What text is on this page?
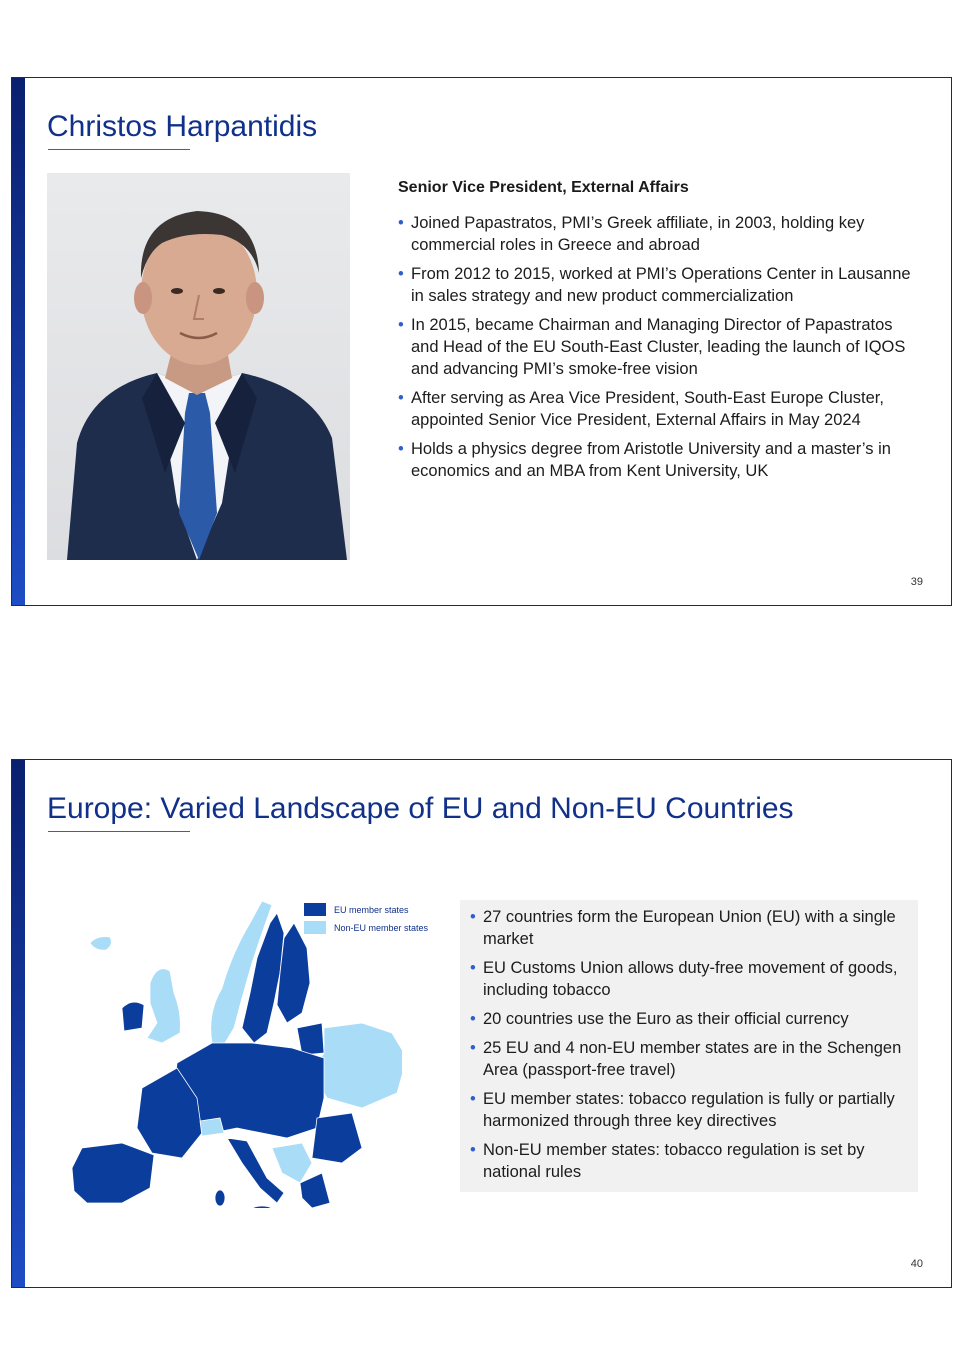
Christos Harpantidis

Senior Vice President, External Affairs

• Joined Papastratos, PMI’s Greek affiliate, in 2003, holding key commercial roles in Greece and abroad
• From 2012 to 2015, worked at PMI’s Operations Center in Lausanne in sales strategy and new product commercialization
• In 2015, became Chairman and Managing Director of Papastratos and Head of the EU South-East Cluster, leading the launch of IQOS and advancing PMI’s smoke-free vision
• After serving as Area Vice President, South-East Europe Cluster, appointed Senior Vice President, External Affairs in May 2024
• Holds a physics degree from Aristotle University and a master’s in economics and an MBA from Kent University, UK
39
Europe: Varied Landscape of EU and Non-EU Countries
EU member states
Non-EU member states
• 27 countries form the European Union (EU) with a single market
• EU Customs Union allows duty-free movement of goods, including tobacco
• 20 countries use the Euro as their official currency
• 25 EU and 4 non-EU member states are in the Schengen Area (passport-free travel)
• EU member states: tobacco regulation is fully or partially harmonized through three key directives
• Non-EU member states: tobacco regulation is set by national rules
40
